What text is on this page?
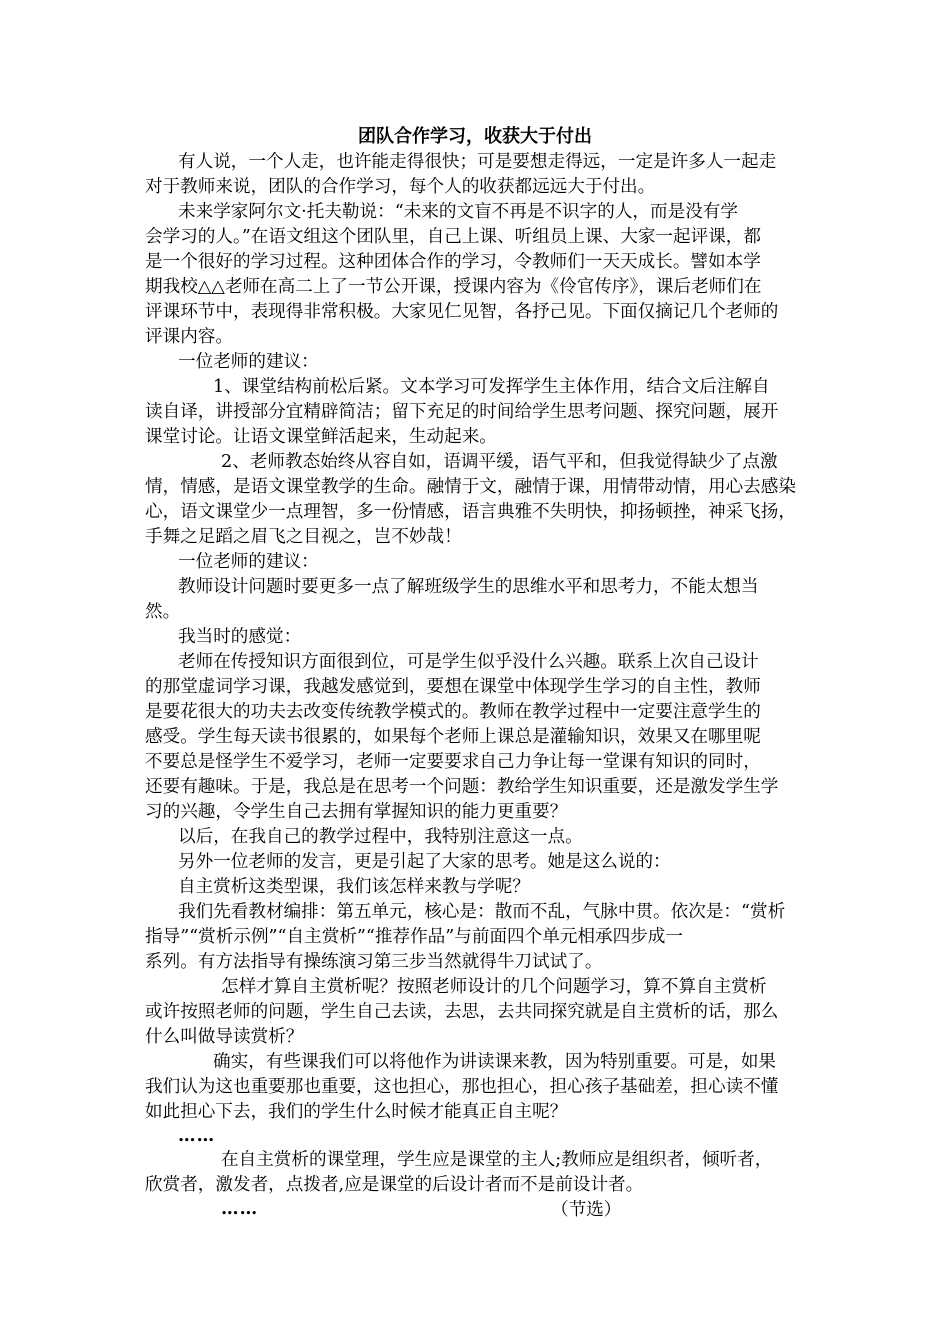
团队合作学习，收获大于付出
有人说，一个人走，也许能走得很快；可是要想走得远，一定是许多人一起走
对于教师来说，团队的合作学习，每个人的收获都远远大于付出。
未来学家阿尔文·托夫勒说：“未来的文盲不再是不识字的人，而是没有学
会学习的人。”在语文组这个团队里，自己上课、听组员上课、大家一起评课，都
是一个很好的学习过程。这种团体合作的学习，令教师们一天天成长。譬如本学
期我校△△老师在高二上了一节公开课，授课内容为《伶官传序》，课后老师们在
评课环节中，表现得非常积极。大家见仁见智，各抒己见。下面仅摘记几个老师的
评课内容。
一位老师的建议：
1、课堂结构前松后紧。文本学习可发挥学生主体作用，结合文后注解自
读自译，讲授部分宜精辟简洁；留下充足的时间给学生思考问题、探究问题，展开
课堂讨论。让语文课堂鲜活起来，生动起来。
2、老师教态始终从容自如，语调平缓，语气平和，但我觉得缺少了点激
情，情感，是语文课堂教学的生命。融情于文，融情于课，用情带动情，用心去感染
心，语文课堂少一点理智，多一份情感，语言典雅不失明快，抑扬顿挫，神采飞扬，
手舞之足蹈之眉飞之目视之，岂不妙哉！
一位老师的建议：
教师设计问题时要更多一点了解班级学生的思维水平和思考力，不能太想当
然。
我当时的感觉：
老师在传授知识方面很到位，可是学生似乎没什么兴趣。联系上次自己设计
的那堂虚词学习课，我越发感觉到，要想在课堂中体现学生学习的自主性，教师
是要花很大的功夫去改变传统教学模式的。教师在教学过程中一定要注意学生的
感受。学生每天读书很累的，如果每个老师上课总是灌输知识，效果又在哪里呢
不要总是怪学生不爱学习，老师一定要要求自己力争让每一堂课有知识的同时，
还要有趣味。于是，我总是在思考一个问题：教给学生知识重要，还是激发学生学
习的兴趣，令学生自己去拥有掌握知识的能力更重要？
以后，在我自己的教学过程中，我特别注意这一点。
另外一位老师的发言，更是引起了大家的思考。她是这么说的：
自主赏析这类型课，我们该怎样来教与学呢？
我们先看教材编排：第五单元，核心是：散而不乱，气脉中贯。依次是：“赏析
指导”“赏析示例”“自主赏析”“推荐作品”与前面四个单元相承四步成一
系列。有方法指导有操练演习第三步当然就得牛刀试试了。
怎样才算自主赏析呢？按照老师设计的几个问题学习，算不算自主赏析
或许按照老师的问题，学生自己去读，去思，去共同探究就是自主赏析的话，那么
什么叫做导读赏析？
确实，有些课我们可以将他作为讲读课来教，因为特别重要。可是，如果
我们认为这也重要那也重要，这也担心，那也担心，担心孩子基础差，担心读不懂
如此担心下去，我们的学生什么时候才能真正自主呢？
……
在自主赏析的课堂理，学生应是课堂的主人;教师应是组织者，倾听者，
欣赏者，激发者，点拨者,应是课堂的后设计者而不是前设计者。
……	（节选）
